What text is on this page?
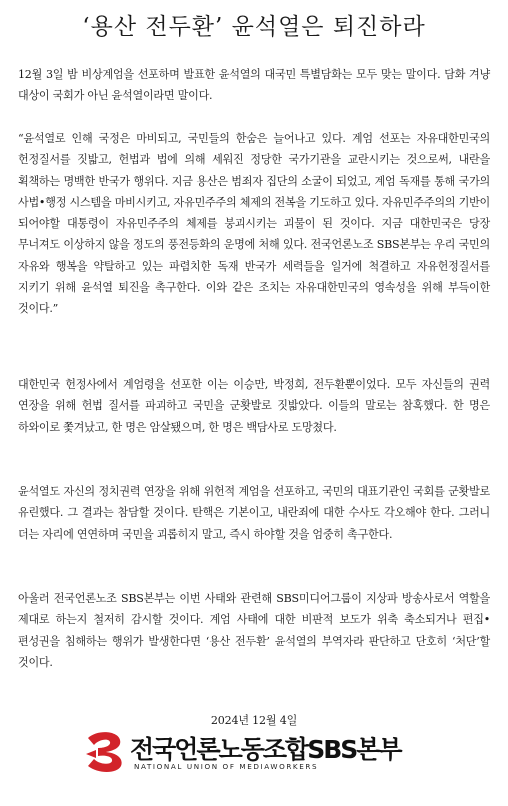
‘용산 전두환’ 윤석열은 퇴진하라

12월 3일 밤 비상계엄을 선포하며 발표한 윤석열의 대국민 특별담화는 모두 맞는 말이다. 담화 겨냥 대상이 국회가 아닌 윤석열이라면 말이다.

“윤석열로 인해 국정은 마비되고, 국민들의 한숨은 늘어나고 있다. 계엄 선포는 자유대한민국의 헌정질서를 짓밟고, 헌법과 법에 의해 세워진 정당한 국가기관을 교란시키는 것으로써, 내란을 획책하는 명백한 반국가 행위다. 지금 용산은 범죄자 집단의 소굴이 되었고, 계엄 독재를 통해 국가의 사법•행정 시스템을 마비시키고, 자유민주주의 체제의 전복을 기도하고 있다. 자유민주주의의 기반이 되어야할 대통령이 자유민주주의 체제를 붕괴시키는 괴물이 된 것이다. 지금 대한민국은 당장 무너져도 이상하지 않을 정도의 풍전등화의 운명에 처해 있다. 전국언론노조 SBS본부는 우리 국민의 자유와 행복을 약탈하고 있는 파렴치한 독재 반국가 세력들을 일거에 척결하고 자유헌정질서를 지키기 위해 윤석열 퇴진을 촉구한다. 이와 같은 조치는 자유대한민국의 영속성을 위해 부득이한 것이다.”

대한민국 헌정사에서 계엄령을 선포한 이는 이승만, 박정희, 전두환뿐이었다. 모두 자신들의 권력 연장을 위해 헌법 질서를 파괴하고 국민을 군홧발로 짓밟았다. 이들의 말로는 참혹했다. 한 명은 하와이로 쫓겨났고, 한 명은 암살됐으며, 한 명은 백담사로 도망쳤다.

윤석열도 자신의 정치권력 연장을 위해 위헌적 계엄을 선포하고, 국민의 대표기관인 국회를 군홧발로 유린했다. 그 결과는 참담할 것이다. 탄핵은 기본이고, 내란죄에 대한 수사도 각오해야 한다. 그러니 더는 자리에 연연하며 국민을 괴롭히지 말고, 즉시 하야할 것을 엄중히 촉구한다.

아울러 전국언론노조 SBS본부는 이번 사태와 관련해 SBS미디어그룹이 지상파 방송사로서 역할을 제대로 하는지 철저히 감시할 것이다. 계엄 사태에 대한 비판적 보도가 위축 축소되거나 편집•편성권을 침해하는 행위가 발생한다면 ‘용산 전두환’ 윤석열의 부역자라 판단하고 단호히 ‘처단’할 것이다.

2024년 12월 4일
전국언론노동조합SBS본부
NATIONAL UNION OF MEDIAWORKERS
